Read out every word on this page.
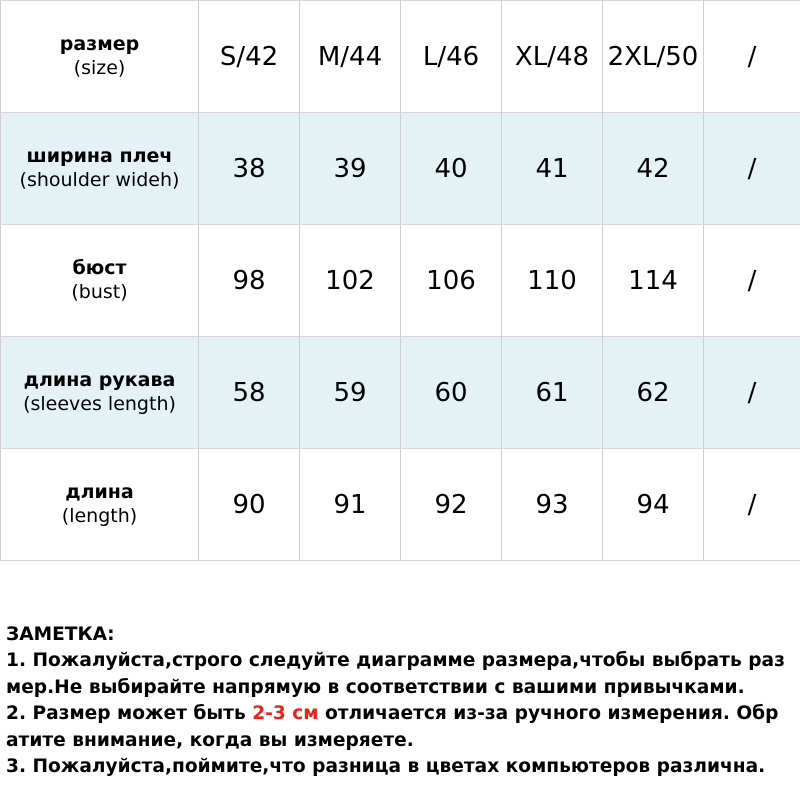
размер
(size)	S/42	M/44	L/46	XL/48	2XL/50	/

ширина плеч
(shoulder wideh)	38	39	40	41	42	/

бюст
(bust)	98	102	106	110	114	/

длина рукава
(sleeves length)	58	59	60	61	62	/

длина
(length)	90	91	92	93	94	/
ЗАМЕТКА:
1. Пожалуйста,строго следуйте диаграмме размера,чтобы выбрать раз
мер.Не выбирайте напрямую в соответствии с вашими привычками.
2. Размер может быть 2-3 см отличается из-за ручного измерения. Обр
атите внимание, когда вы измеряете.
3. Пожалуйста,поймите,что разница в цветах компьютеров различна.
